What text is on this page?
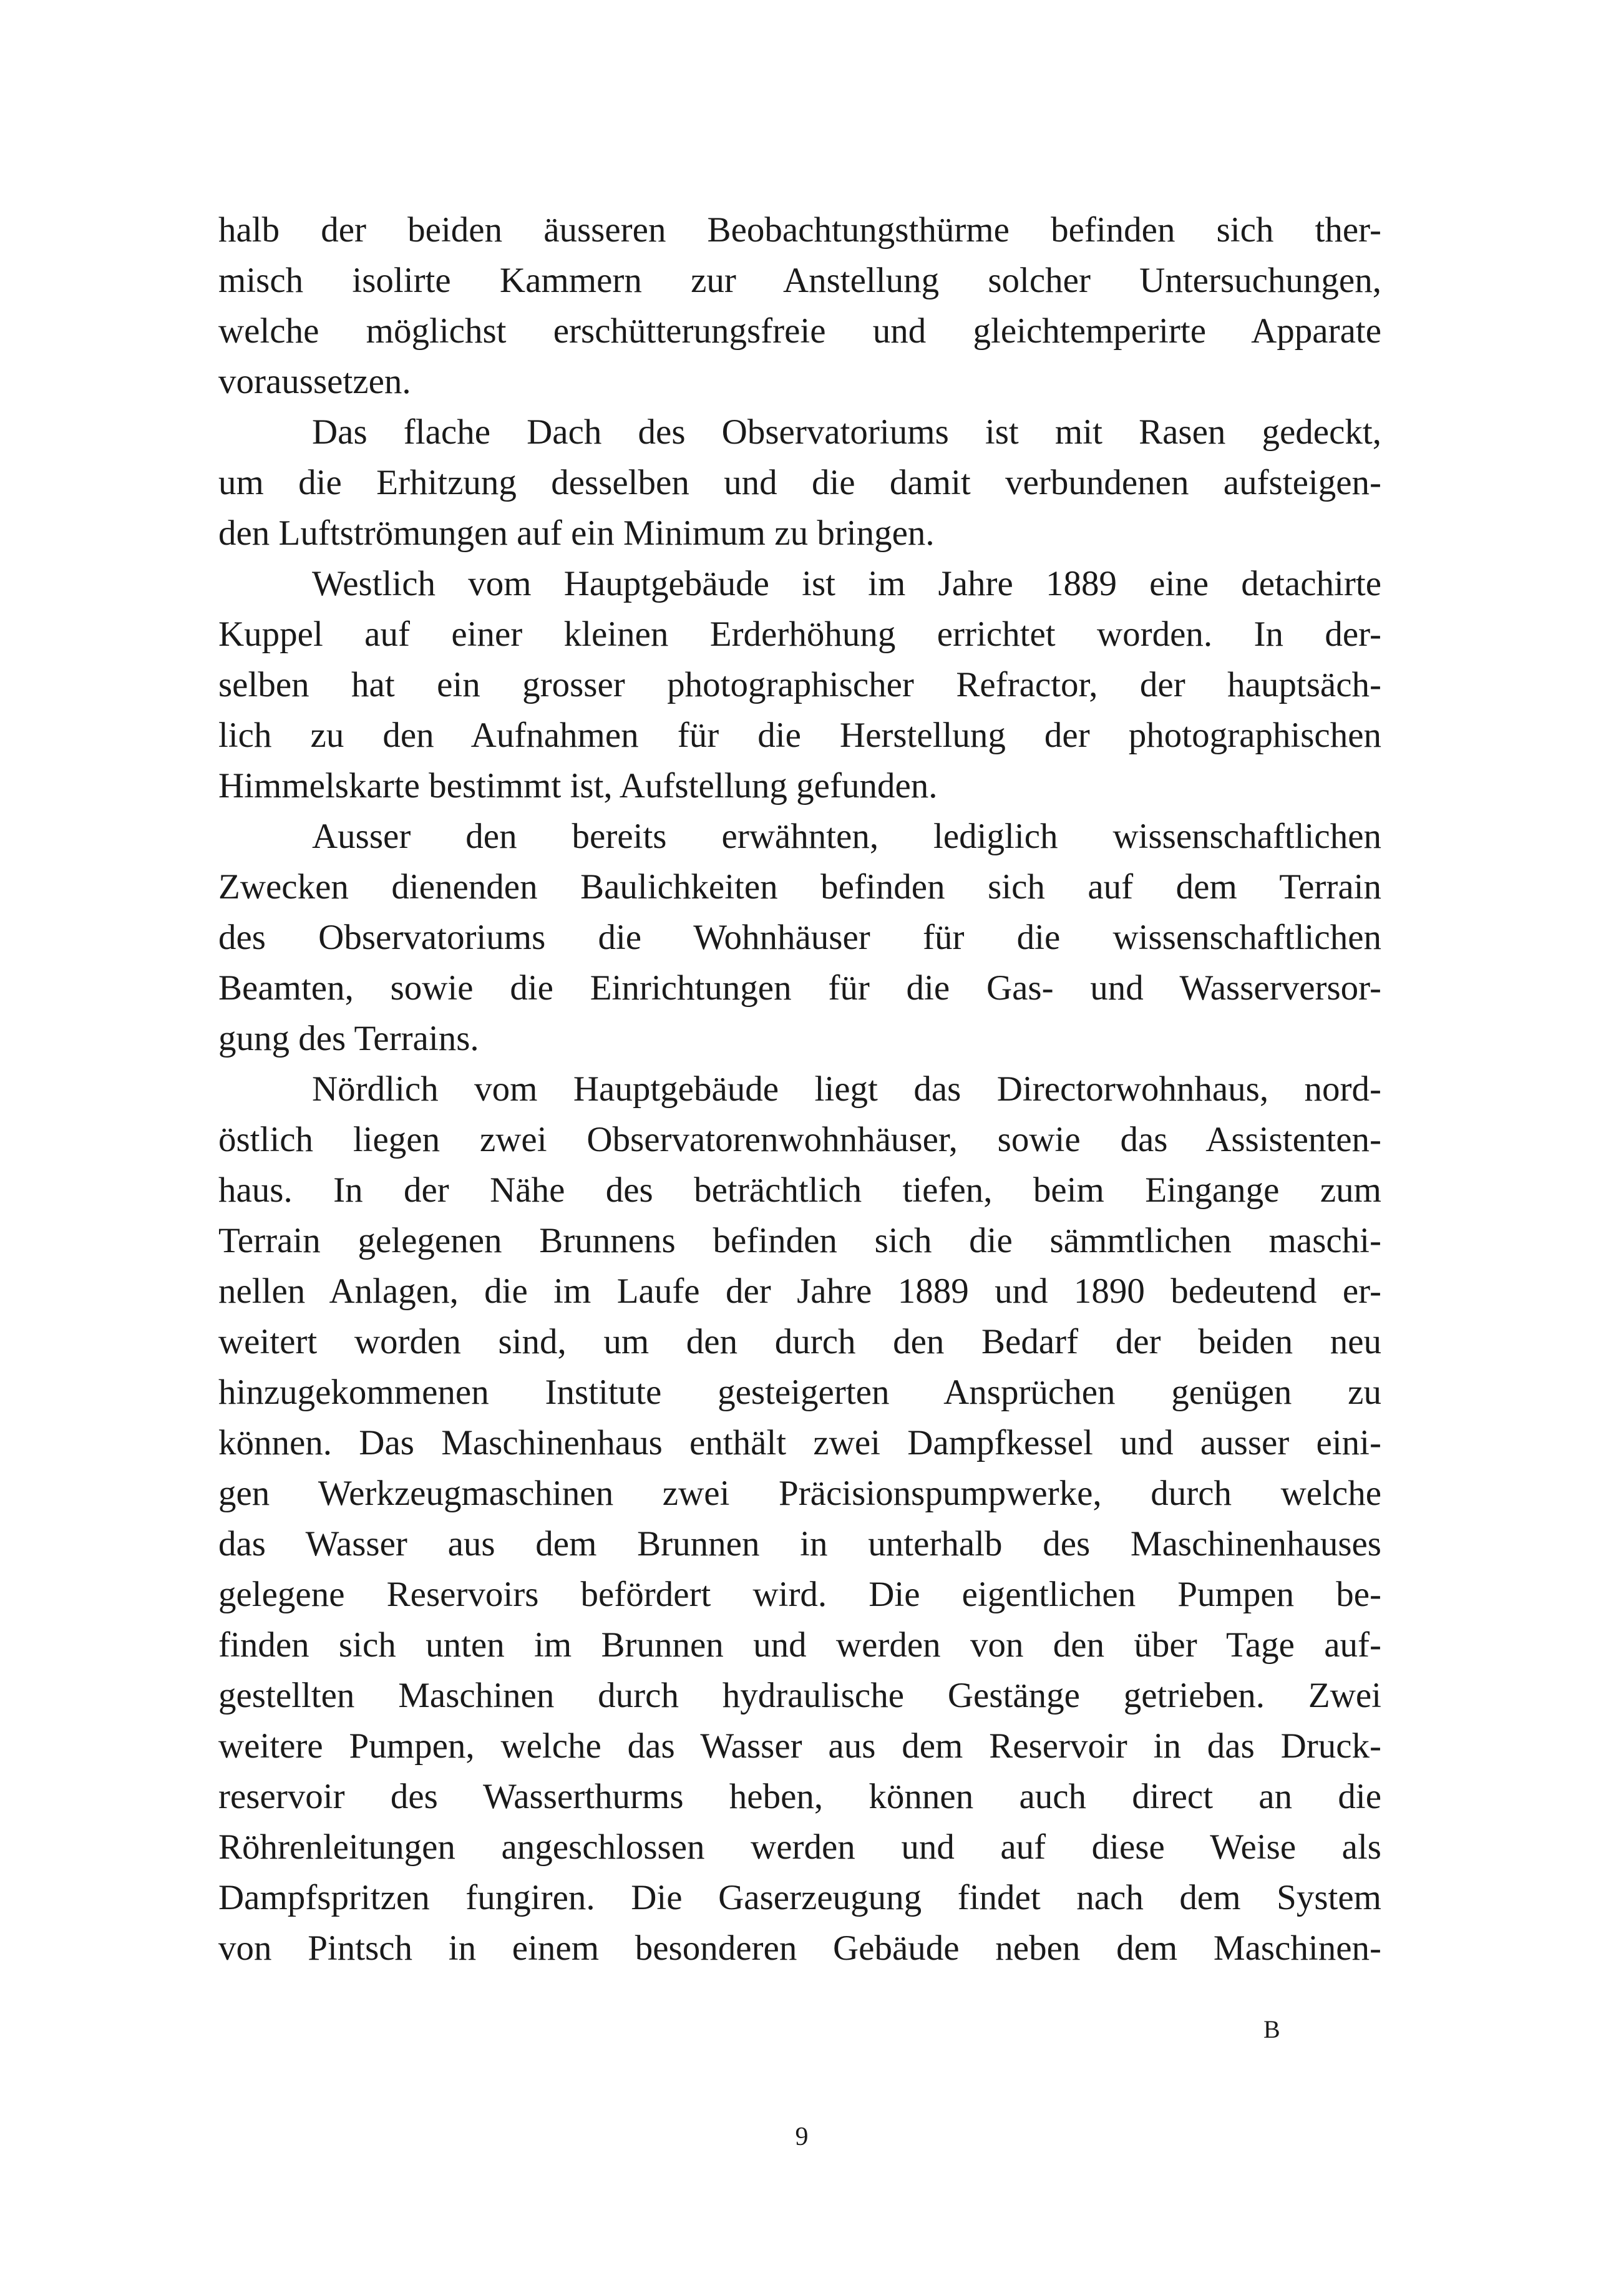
halb der beiden äusseren Beobachtungsthürme befinden sich ther-
misch isolirte Kammern zur Anstellung solcher Untersuchungen,
welche möglichst erschütterungsfreie und gleichtemperirte Apparate
voraussetzen.
Das flache Dach des Observatoriums ist mit Rasen gedeckt,
um die Erhitzung desselben und die damit verbundenen aufsteigen-
den Luftströmungen auf ein Minimum zu bringen.
Westlich vom Hauptgebäude ist im Jahre 1889 eine detachirte
Kuppel auf einer kleinen Erderhöhung errichtet worden. In der-
selben hat ein grosser photographischer Refractor, der hauptsäch-
lich zu den Aufnahmen für die Herstellung der photographischen
Himmelskarte bestimmt ist, Aufstellung gefunden.
Ausser den bereits erwähnten, lediglich wissenschaftlichen
Zwecken dienenden Baulichkeiten befinden sich auf dem Terrain
des Observatoriums die Wohnhäuser für die wissenschaftlichen
Beamten, sowie die Einrichtungen für die Gas- und Wasserversor-
gung des Terrains.
Nördlich vom Hauptgebäude liegt das Directorwohnhaus, nord-
östlich liegen zwei Observatorenwohnhäuser, sowie das Assistenten-
haus. In der Nähe des beträchtlich tiefen, beim Eingange zum
Terrain gelegenen Brunnens befinden sich die sämmtlichen maschi-
nellen Anlagen, die im Laufe der Jahre 1889 und 1890 bedeutend er-
weitert worden sind, um den durch den Bedarf der beiden neu
hinzugekommenen Institute gesteigerten Ansprüchen genügen zu
können. Das Maschinenhaus enthält zwei Dampfkessel und ausser eini-
gen Werkzeugmaschinen zwei Präcisionspumpwerke, durch welche
das Wasser aus dem Brunnen in unterhalb des Maschinenhauses
gelegene Reservoirs befördert wird. Die eigentlichen Pumpen be-
finden sich unten im Brunnen und werden von den über Tage auf-
gestellten Maschinen durch hydraulische Gestänge getrieben. Zwei
weitere Pumpen, welche das Wasser aus dem Reservoir in das Druck-
reservoir des Wasserthurms heben, können auch direct an die
Röhrenleitungen angeschlossen werden und auf diese Weise als
Dampfspritzen fungiren. Die Gaserzeugung findet nach dem System
von Pintsch in einem besonderen Gebäude neben dem Maschinen-
B
9
